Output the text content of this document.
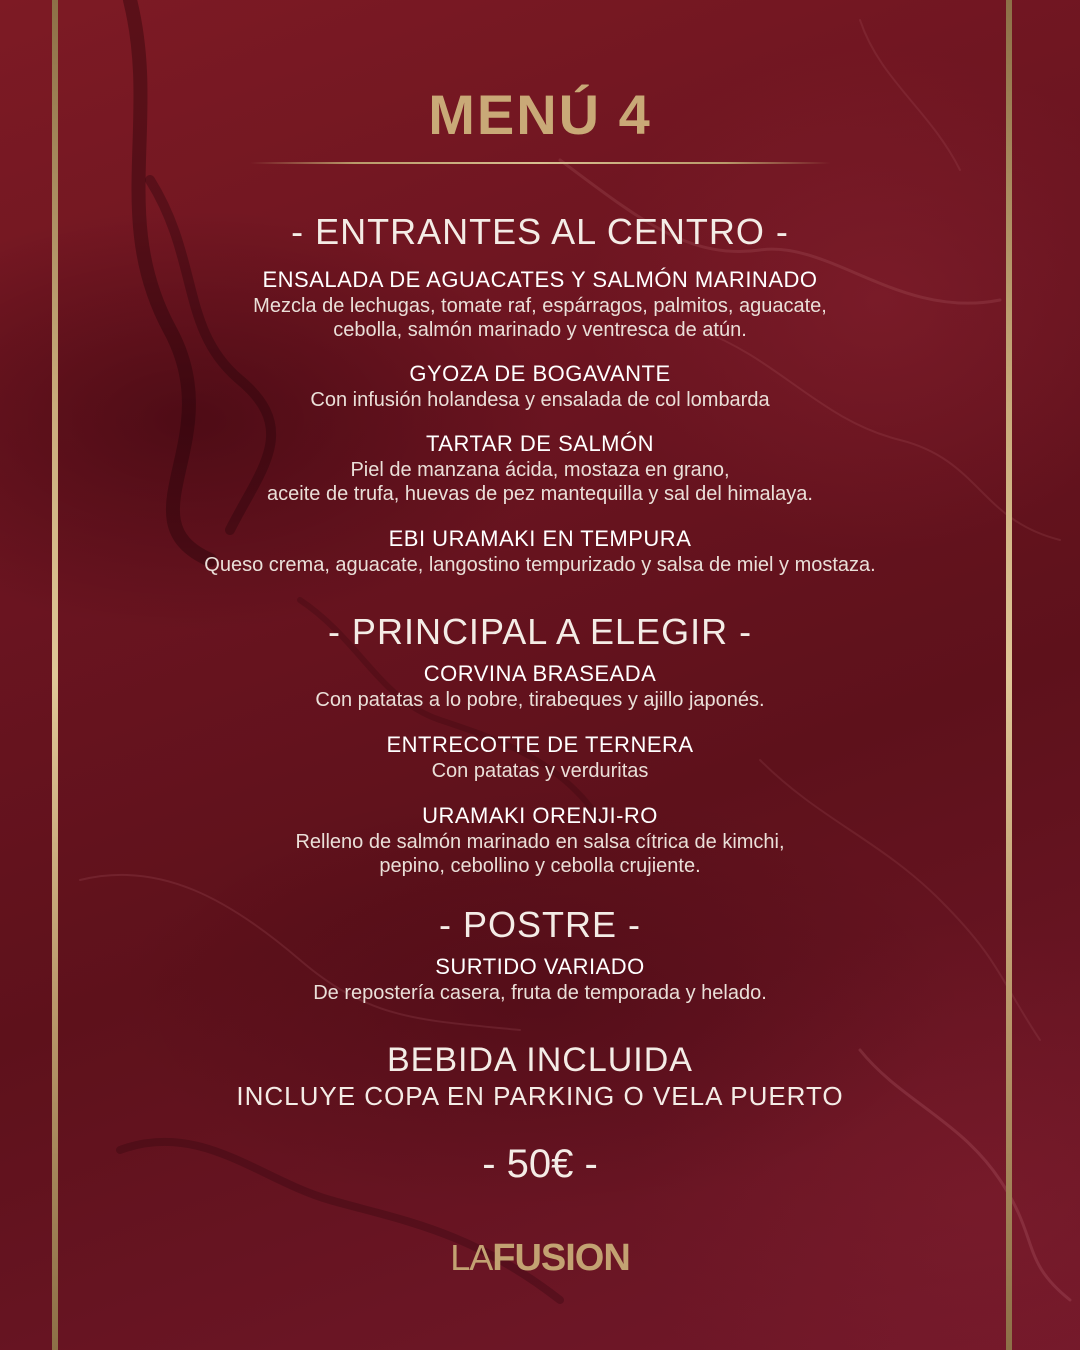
MENÚ 4
- ENTRANTES AL CENTRO -
ENSALADA DE AGUACATES Y SALMÓN MARINADO
Mezcla de lechugas, tomate raf, espárragos, palmitos, aguacate,
cebolla, salmón marinado y ventresca de atún.
GYOZA DE BOGAVANTE
Con infusión holandesa y ensalada de col lombarda
TARTAR DE SALMÓN
Piel de manzana ácida, mostaza en grano,
aceite de trufa, huevas de pez mantequilla y sal del himalaya.
EBI URAMAKI EN TEMPURA
Queso crema, aguacate, langostino tempurizado y salsa de miel y mostaza.
- PRINCIPAL A ELEGIR -
CORVINA BRASEADA
Con patatas a lo pobre, tirabeques y ajillo japonés.
ENTRECOTTE DE TERNERA
Con patatas y verduritas
URAMAKI ORENJI-RO
Relleno de salmón marinado en salsa cítrica de kimchi,
pepino, cebollino y cebolla crujiente.
- POSTRE -
SURTIDO VARIADO
De repostería casera, fruta de temporada y helado.
BEBIDA INCLUIDA
INCLUYE COPA EN PARKING O VELA PUERTO
- 50€ -
LAFUSION
